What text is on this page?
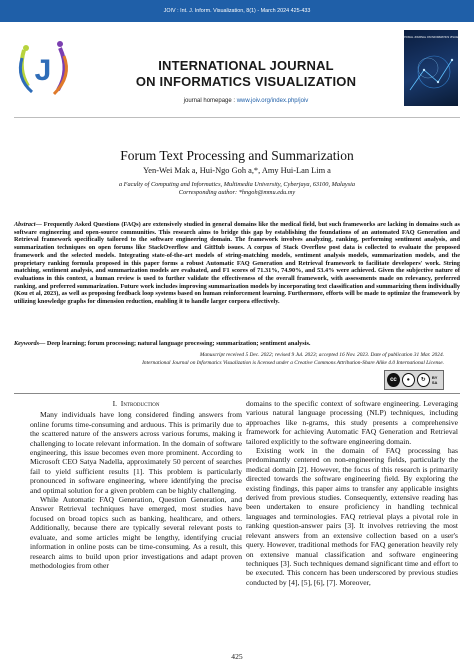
JOIV : Int. J. Inform. Visualization, 8(1) - March 2024 425-433
J	INTERNATIONAL JOURNAL
ON INFORMATICS VISUALIZATION
journal homepage : www.joiv.org/index.php/joiv
INTERNATIONAL JOURNAL ON INFORMATICS VISUALIZATION
Forum Text Processing and Summarization
Yen-Wei Mak a, Hui-Ngo Goh a,*, Amy Hui-Lan Lim a
a Faculty of Computing and Informatics, Multimedia University, Cyberjaya, 63100, Malaysia
Corresponding author: *hngoh@mmu.edu.my
Abstract— Frequently Asked Questions (FAQs) are extensively studied in general domains like the medical field, but such frameworks are lacking in domains such as software engineering and open-source communities. This research aims to bridge this gap by establishing the foundations of an automated FAQ Generation and Retrieval framework specifically tailored to the software engineering domain. The framework involves analyzing, ranking, performing sentiment analysis, and summarization techniques on open forums like StackOverflow and GitHub issues. A corpus of Stack Overflow post data is collected to evaluate the proposed framework and the selected models. Integrating state-of-the-art models of string-matching models, sentiment analysis models, summarization models, and the proprietary ranking formula proposed in this paper forms a robust Automatic FAQ Generation and Retrieval framework to facilitate developers' work. String matching, sentiment analysis, and summarization models are evaluated, and F1 scores of 71.31%, 74.90%, and 53.4% were achieved. Given the subjective nature of evaluations in this context, a human review is used to further validate the effectiveness of the overall framework, with assessments made on relevancy, preferred ranking, and preferred summarization. Future work includes improving summarization models by incorporating text classification and summarizing them individually (Kou et al, 2023), as well as proposing feedback loop systems based on human reinforcement learning. Furthermore, efforts will be made to optimize the framework by utilizing knowledge graphs for dimension reduction, enabling it to handle larger corpora effectively.
Keywords— Deep learning; forum processing; natural language processing; summarization; sentiment analysis.
Manuscript received 5 Dec. 2022; revised 9 Jul. 2023; accepted 16 Nov. 2023. Date of publication 31 Mar. 2024.
International Journal on Informatics Visualization is licensed under a Creative Commons Attribution-Share Alike 4.0 International License.
cc	●	↻	BY SA
I. Introduction

Many individuals have long considered finding answers from online forums time-consuming and arduous. This is primarily due to the scattered nature of the answers across various forums, making it challenging to locate relevant information. In the domain of software engineering, this issue becomes even more prominent. According to Microsoft CEO Satya Nadella, approximately 50 percent of searches fail to yield sufficient results [1]. This problem is particularly pronounced in software engineering, where identifying the precise and optimal solution for a given problem can be highly challenging.

While Automatic FAQ Generation, Question Generation, and Answer Retrieval techniques have emerged, most studies have focused on broad topics such as banking, healthcare, and others. Additionally, because there are typically several relevant posts to evaluate, and some articles might be lengthy, identifying crucial information in online posts can be time-consuming. As a result, this research aims to build upon prior investigations and adapt proven methodologies from other

domains to the specific context of software engineering. Leveraging various natural language processing (NLP) techniques, including approaches like n-grams, this study presents a comprehensive framework for achieving Automatic FAQ Generation and Retrieval tailored explicitly to the software engineering domain.

Existing work in the domain of FAQ processing has predominantly centered on non-engineering fields, particularly the medical domain [2]. However, the focus of this research is primarily directed towards the software engineering field. By exploring the existing findings, this paper aims to transfer any applicable insights derived from previous studies. Consequently, extensive reading has been undertaken to ensure proficiency in handling technical languages and terminologies. FAQ retrieval plays a pivotal role in ranking question-answer pairs [3]. It involves retrieving the most relevant answers from an extensive collection based on a user's query. However, traditional methods for FAQ generation heavily rely on extensive manual classification and software engineering techniques [3]. Such techniques demand significant time and effort to be executed. This concern has been underscored by previous studies conducted by [4], [5], [6], [7]. Moreover,

425
